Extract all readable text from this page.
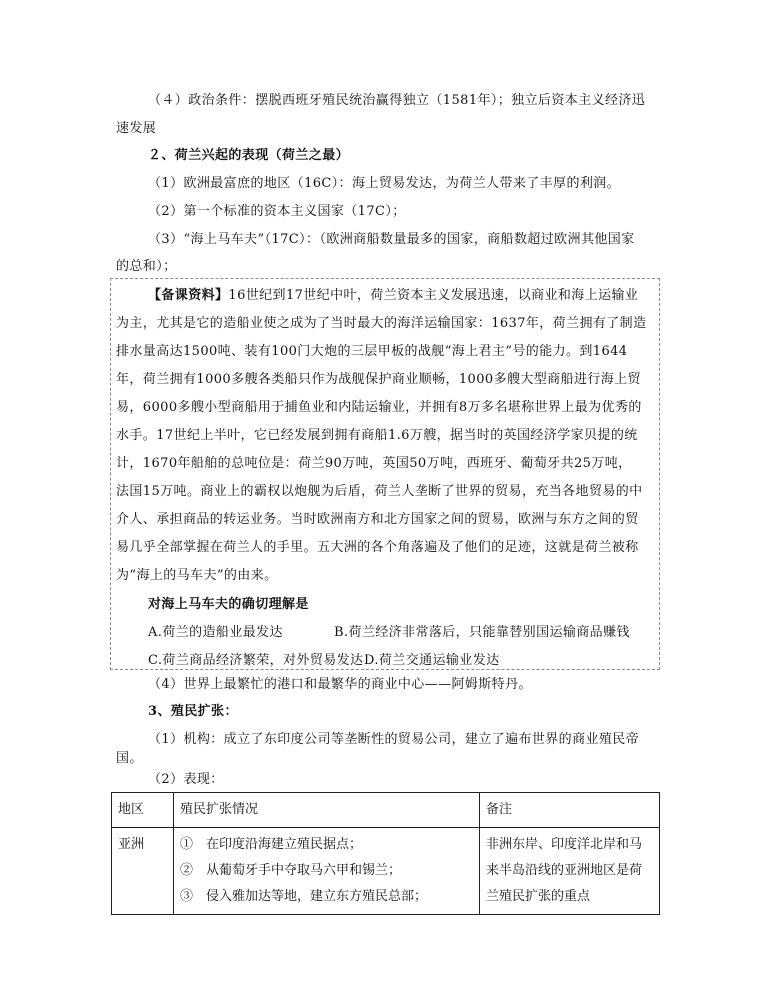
（４）政治条件：摆脱西班牙殖民统治赢得独立（1581年）；独立后资本主义经济迅
速发展
２、荷兰兴起的表现（荷兰之最）
（1）欧洲最富庶的地区（16C）：海上贸易发达，为荷兰人带来了丰厚的利润。
（2）第一个标准的资本主义国家（17C）；
（3）“海上马车夫”（17C）：（欧洲商船数量最多的国家，商船数超过欧洲其他国家
的总和）；
【备课资料】16世纪到17世纪中叶，荷兰资本主义发展迅速，以商业和海上运输业
为主，尤其是它的造船业使之成为了当时最大的海洋运输国家：1637年，荷兰拥有了制造
排水量高达1500吨、装有100门大炮的三层甲板的战舰“海上君主”号的能力。到1644
年，荷兰拥有1000多艘各类船只作为战舰保护商业顺畅，1000多艘大型商船进行海上贸
易，6000多艘小型商船用于捕鱼业和内陆运输业，并拥有8万多名堪称世界上最为优秀的
水手。17世纪上半叶，它已经发展到拥有商船1.6万艘，据当时的英国经济学家贝提的统
计，1670年船舶的总吨位是：荷兰90万吨，英国50万吨，西班牙、葡萄牙共25万吨，
法国15万吨。商业上的霸权以炮舰为后盾，荷兰人垄断了世界的贸易，充当各地贸易的中
介人、承担商品的转运业务。当时欧洲南方和北方国家之间的贸易，欧洲与东方之间的贸
易几乎全部掌握在荷兰人的手里。五大洲的各个角落遍及了他们的足迹，这就是荷兰被称
为“海上的马车夫”的由来。
对海上马车夫的确切理解是
A.荷兰的造船业最发达	B.荷兰经济非常落后，只能靠替别国运输商品赚钱
C.荷兰商品经济繁荣，对外贸易发达 D.荷兰交通运输业发达
（4）世界上最繁忙的港口和最繁华的商业中心——阿姆斯特丹。
3、殖民扩张：
（1）机构：成立了东印度公司等垄断性的贸易公司，建立了遍布世界的商业殖民帝
国。
（2）表现：
地区	殖民扩张情况	备注
亚洲	①　在印度沿海建立殖民据点；
②　从葡萄牙手中夺取马六甲和锡兰；
③　侵入雅加达等地，建立东方殖民总部；	非洲东岸、印度洋北岸和马
来半岛沿线的亚洲地区是荷
兰殖民扩张的重点
